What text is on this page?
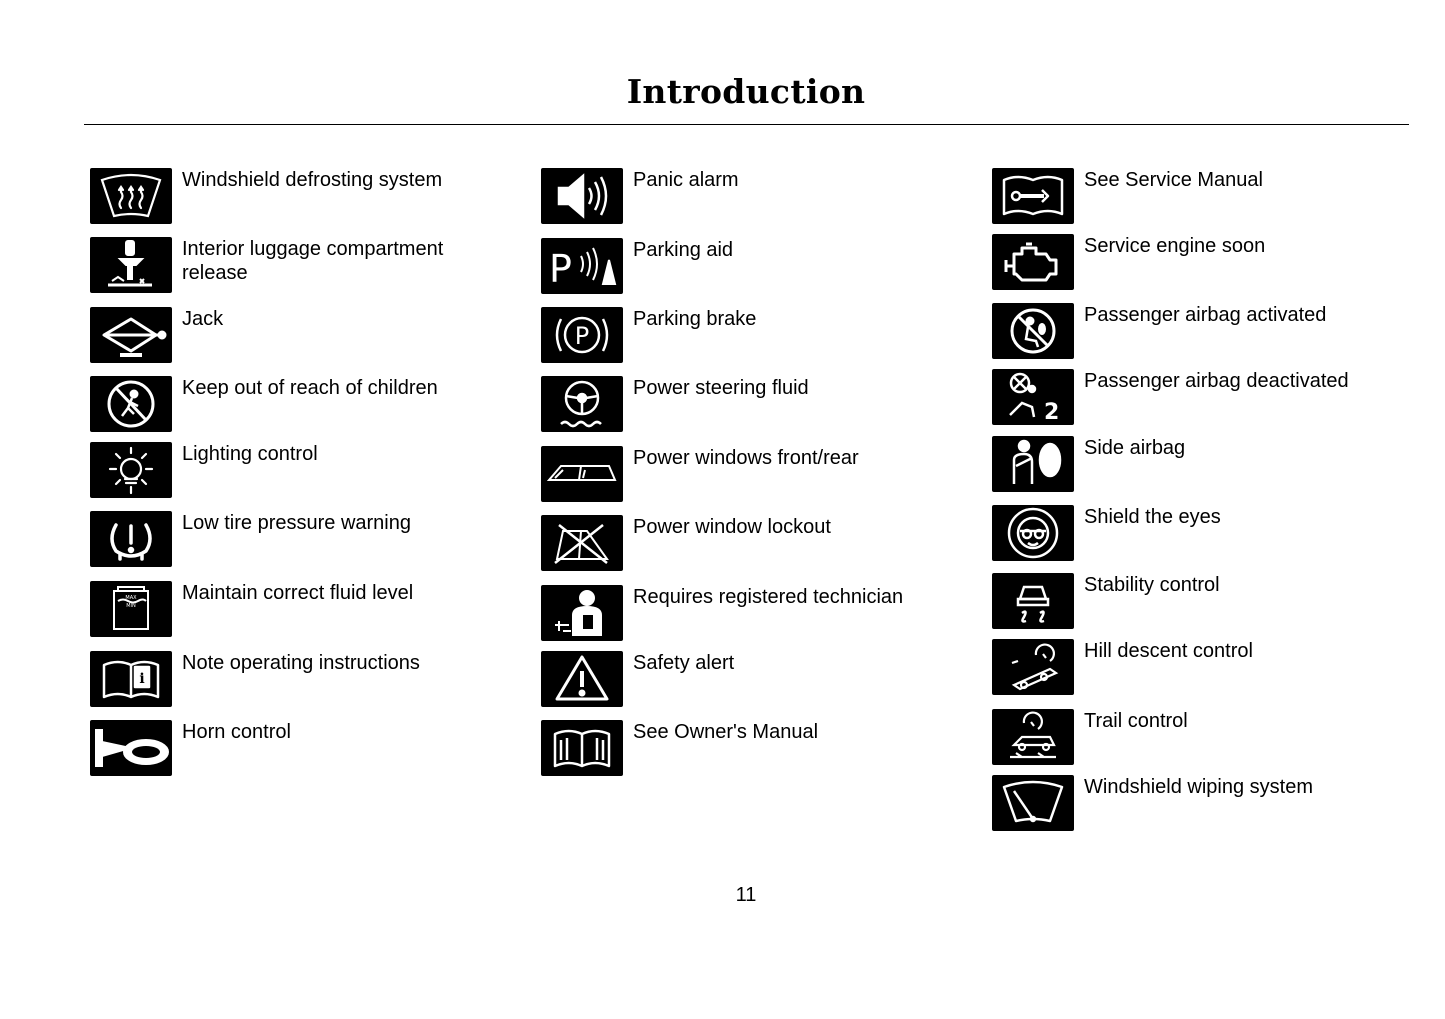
Introduction
Windshield defrosting system
Interior luggage compartment release
Jack
Keep out of reach of children
Lighting control
Low tire pressure warning
MAX
MIN
Maintain correct fluid level
i
Note operating instructions
Horn control
Panic alarm
P	Parking aid
P
Parking brake
Power steering fluid
Power windows front/rear
Power window lockout
Requires registered technician
Safety alert
See Owner's Manual
See Service Manual
Service engine soon
Passenger airbag activated
2
Passenger airbag deactivated
Side airbag
Shield the eyes
Stability control
Hill descent control
Trail control
Windshield wiping system
11
